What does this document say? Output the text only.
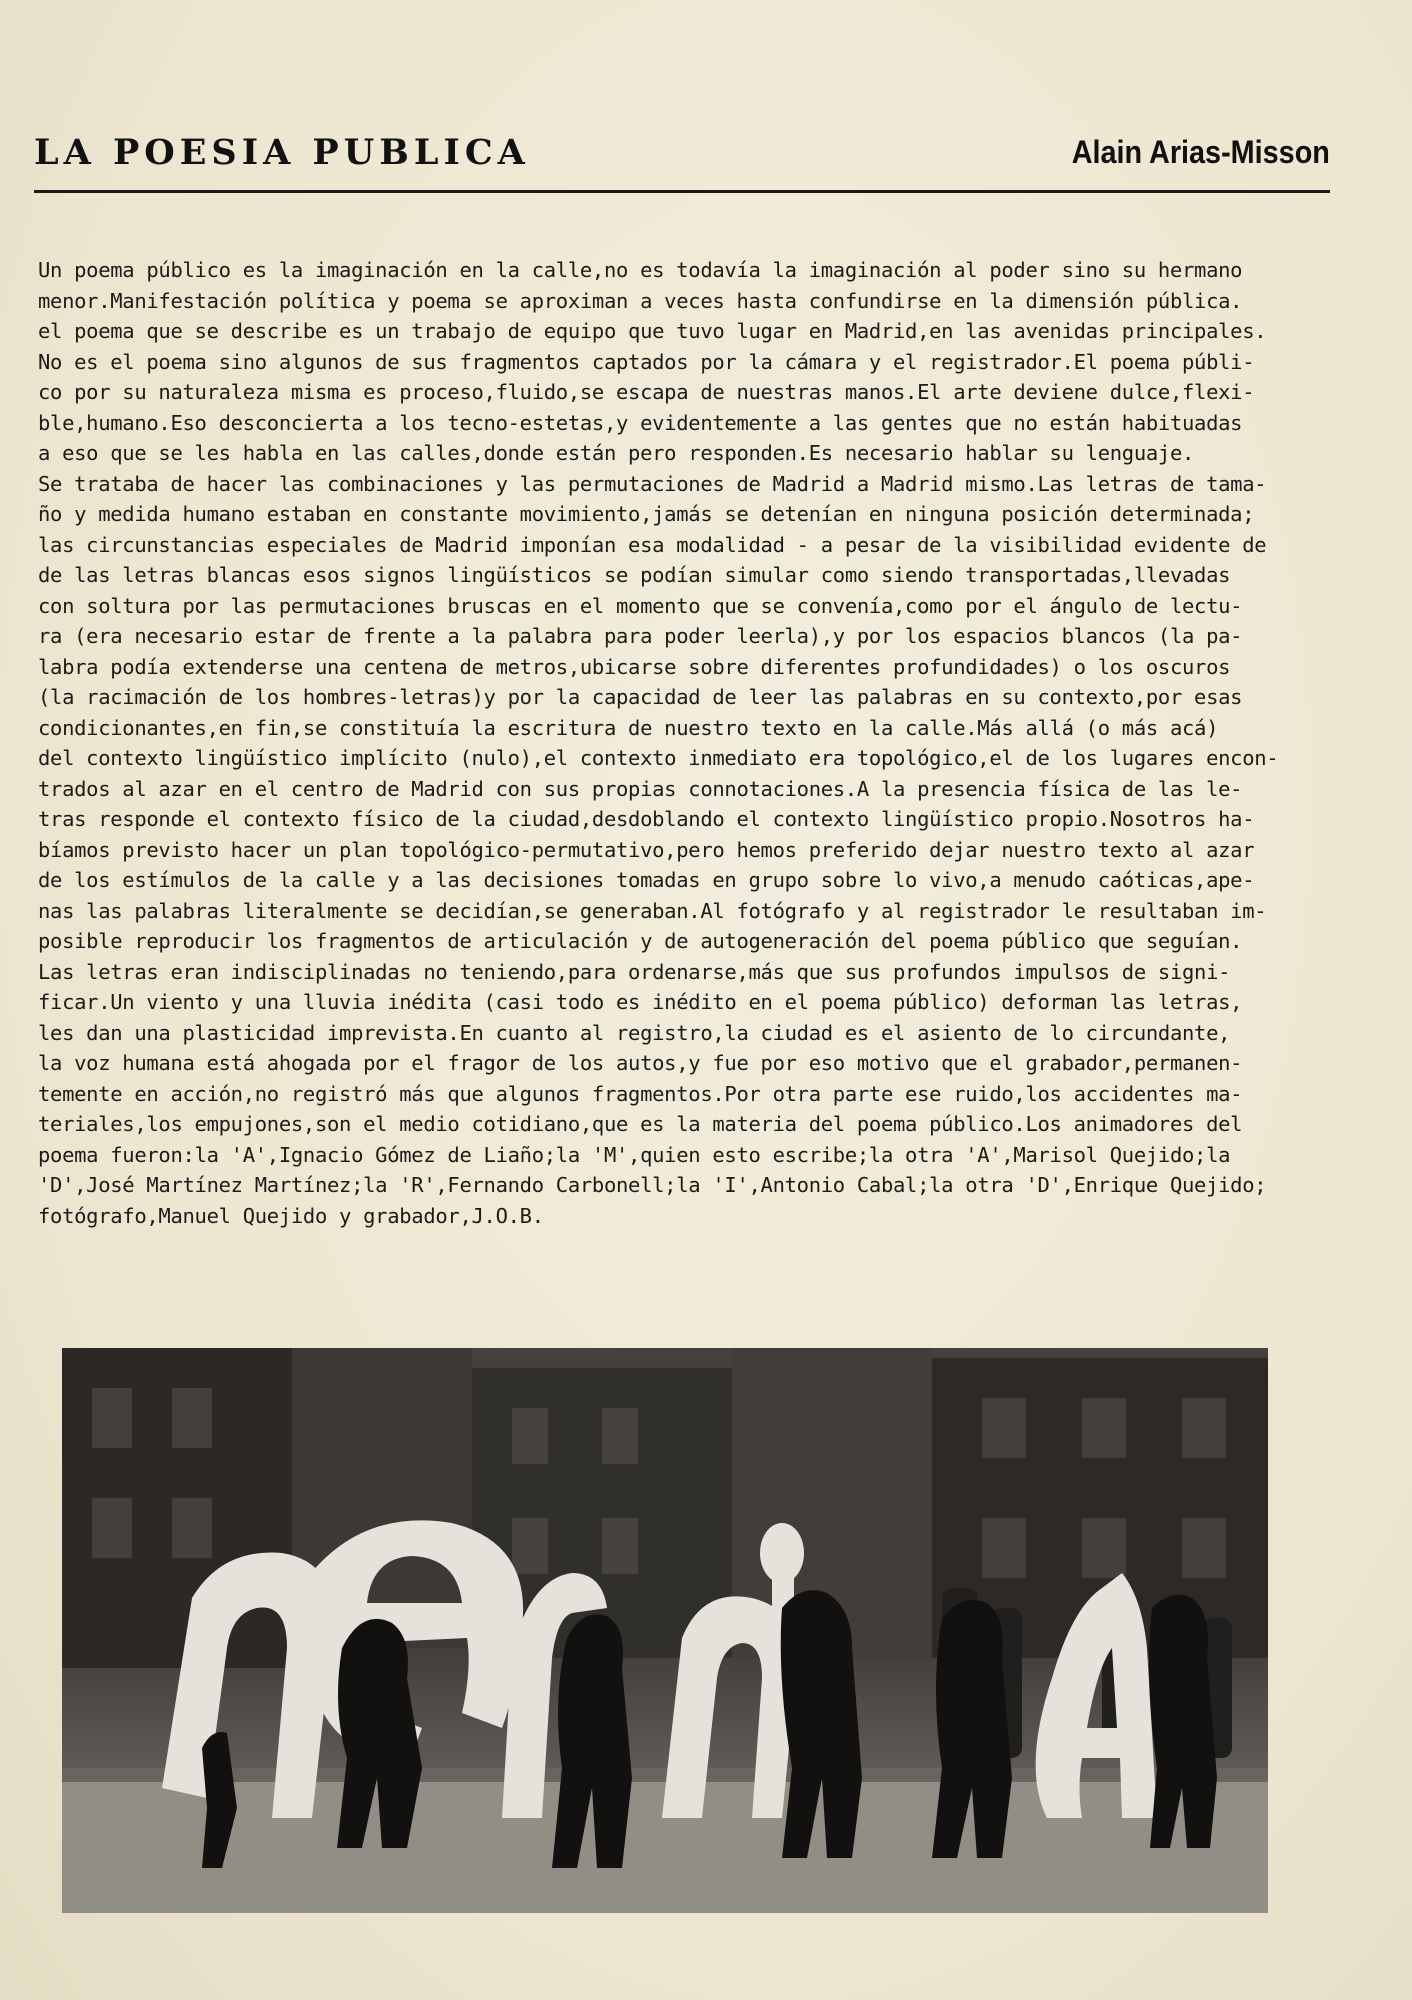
LA POESIA PUBLICA	Alain Arias-Misson
Un poema público es la imaginación en la calle,no es todavía la imaginación al poder sino su hermano
menor.Manifestación política y poema se aproximan a veces hasta confundirse en la dimensión pública.
el poema que se describe es un trabajo de equipo que tuvo lugar en Madrid,en las avenidas principales.
No es el poema sino algunos de sus fragmentos captados por la cámara y el registrador.El poema públi-
co por su naturaleza misma es proceso,fluido,se escapa de nuestras manos.El arte deviene dulce,flexi-
ble,humano.Eso desconcierta a los tecno-estetas,y evidentemente a las gentes que no están habituadas
a eso que se les habla en las calles,donde están pero responden.Es necesario hablar su lenguaje.
Se trataba de hacer las combinaciones y las permutaciones de Madrid a Madrid mismo.Las letras de tama-
ño y medida humano estaban en constante movimiento,jamás se detenían en ninguna posición determinada;
las circunstancias especiales de Madrid imponían esa modalidad - a pesar de la visibilidad evidente de
de las letras blancas esos signos lingüísticos se podían simular como siendo transportadas,llevadas
con soltura por las permutaciones bruscas en el momento que se convenía,como por el ángulo de lectu-
ra (era necesario estar de frente a la palabra para poder leerla),y por los espacios blancos (la pa-
labra podía extenderse una centena de metros,ubicarse sobre diferentes profundidades) o los oscuros
(la racimación de los hombres-letras)y por la capacidad de leer las palabras en su contexto,por esas
condicionantes,en fin,se constituía la escritura de nuestro texto en la calle.Más allá (o más acá)
del contexto lingüístico implícito (nulo),el contexto inmediato era topológico,el de los lugares encon-
trados al azar en el centro de Madrid con sus propias connotaciones.A la presencia física de las le-
tras responde el contexto físico de la ciudad,desdoblando el contexto lingüístico propio.Nosotros ha-
bíamos previsto hacer un plan topológico-permutativo,pero hemos preferido dejar nuestro texto al azar
de los estímulos de la calle y a las decisiones tomadas en grupo sobre lo vivo,a menudo caóticas,ape-
nas las palabras literalmente se decidían,se generaban.Al fotógrafo y al registrador le resultaban im-
posible reproducir los fragmentos de articulación y de autogeneración del poema público que seguían.
Las letras eran indisciplinadas no teniendo,para ordenarse,más que sus profundos impulsos de signi-
ficar.Un viento y una lluvia inédita (casi todo es inédito en el poema público) deforman las letras,
les dan una plasticidad imprevista.En cuanto al registro,la ciudad es el asiento de lo circundante,
la voz humana está ahogada por el fragor de los autos,y fue por eso motivo que el grabador,permanen-
temente en acción,no registró más que algunos fragmentos.Por otra parte ese ruido,los accidentes ma-
teriales,los empujones,son el medio cotidiano,que es la materia del poema público.Los animadores del
poema fueron:la 'A',Ignacio Gómez de Liaño;la 'M',quien esto escribe;la otra 'A',Marisol Quejido;la
'D',José Martínez Martínez;la 'R',Fernando Carbonell;la 'I',Antonio Cabal;la otra 'D',Enrique Quejido;
fotógrafo,Manuel Quejido y grabador,J.O.B.
